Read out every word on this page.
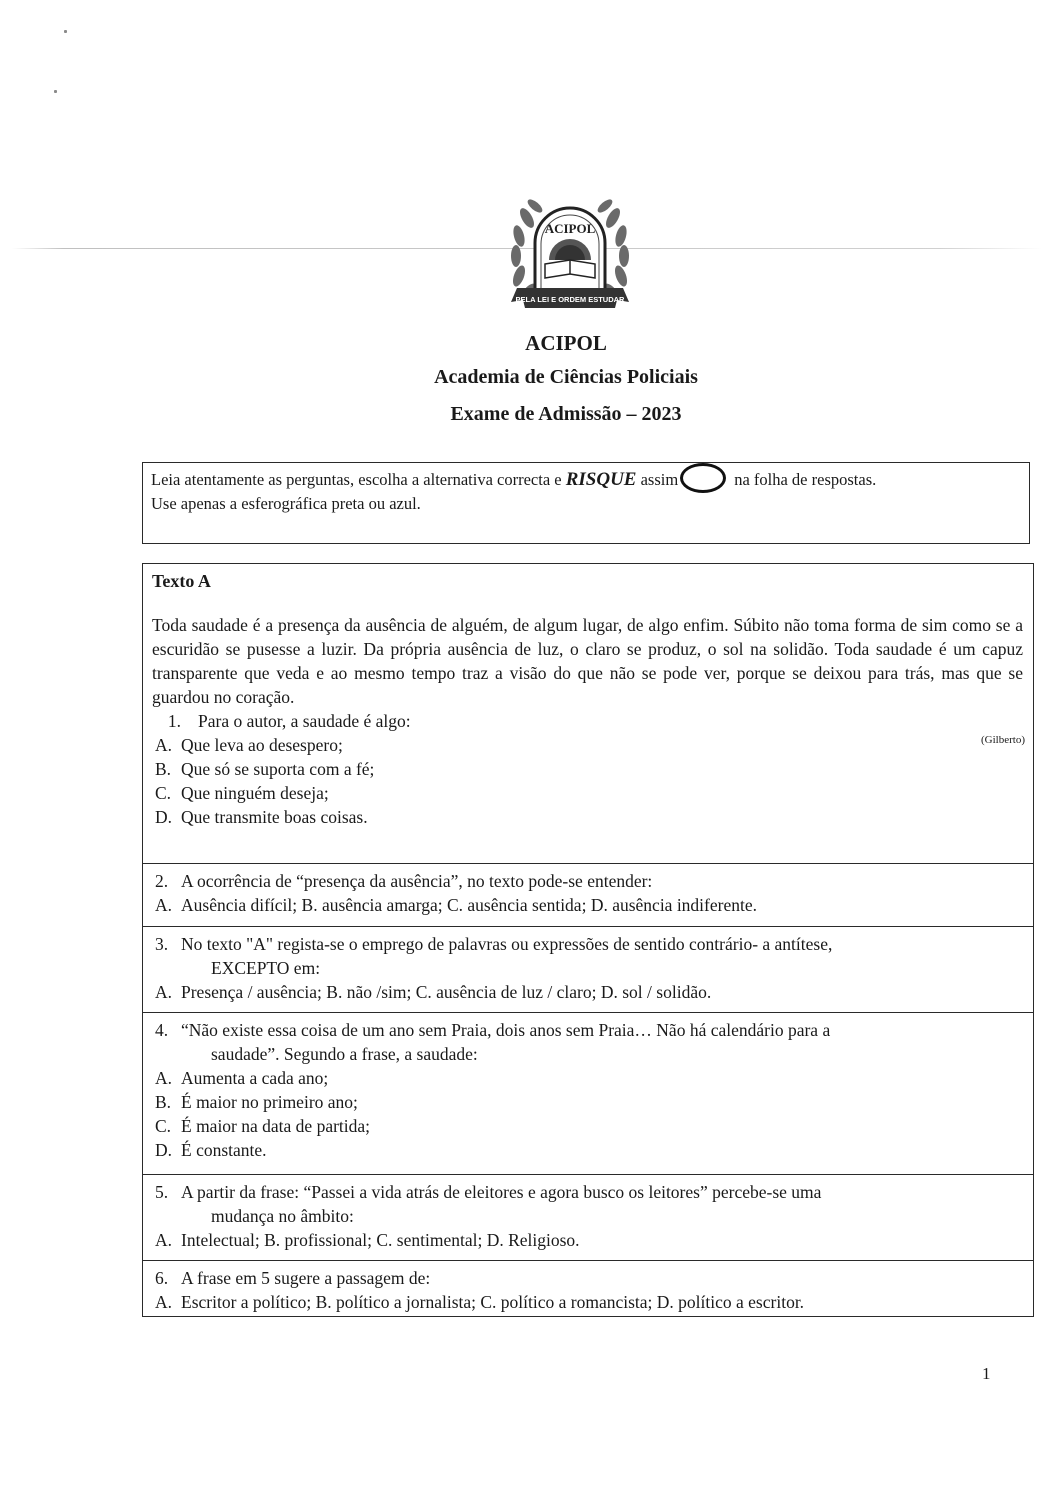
ACIPOL
PELA LEI E ORDEM ESTUDAR
ACIPOL
Academia de Ciências Policiais
Exame de Admissão – 2023
Leia atentamente as perguntas, escolha a alternativa correcta e RISQUE assim	na folha de respostas.
Use apenas a esferográfica preta ou azul.
Texto A
Toda saudade é a presença da ausência de alguém, de algum lugar, de algo enfim. Súbito não toma forma de sim como se a escuridão se pusesse a luzir. Da própria ausência de luz, o claro se produz, o sol na solidão. Toda saudade é um capuz transparente que veda e ao mesmo tempo traz a visão do que não se pode ver, porque se deixou para trás, mas que se guardou no coração.
(Gilberto)
1. Para o autor, a saudade é algo:
A. Que leva ao desespero;
B. Que só se suporta com a fé;
C. Que ninguém deseja;
D. Que transmite boas coisas.
2. A ocorrência de “presença da ausência”, no texto pode-se entender:
A. Ausência difícil; B. ausência amarga; C. ausência sentida; D. ausência indiferente.
3. No texto "A" regista-se o emprego de palavras ou expressões de sentido contrário- a antítese,
EXCEPTO em:
A. Presença / ausência; B. não /sim; C. ausência de luz / claro; D. sol / solidão.
4. “Não existe essa coisa de um ano sem Praia, dois anos sem Praia… Não há calendário para a
saudade”. Segundo a frase, a saudade:
A. Aumenta a cada ano;
B. É maior no primeiro ano;
C. É maior na data de partida;
D. É constante.
5. A partir da frase: “Passei a vida atrás de eleitores e agora busco os leitores” percebe-se uma
mudança no âmbito:
A. Intelectual; B. profissional; C. sentimental; D. Religioso.
6. A frase em 5 sugere a passagem de:
A. Escritor a político; B. político a jornalista; C. político a romancista; D. político a escritor.
1
